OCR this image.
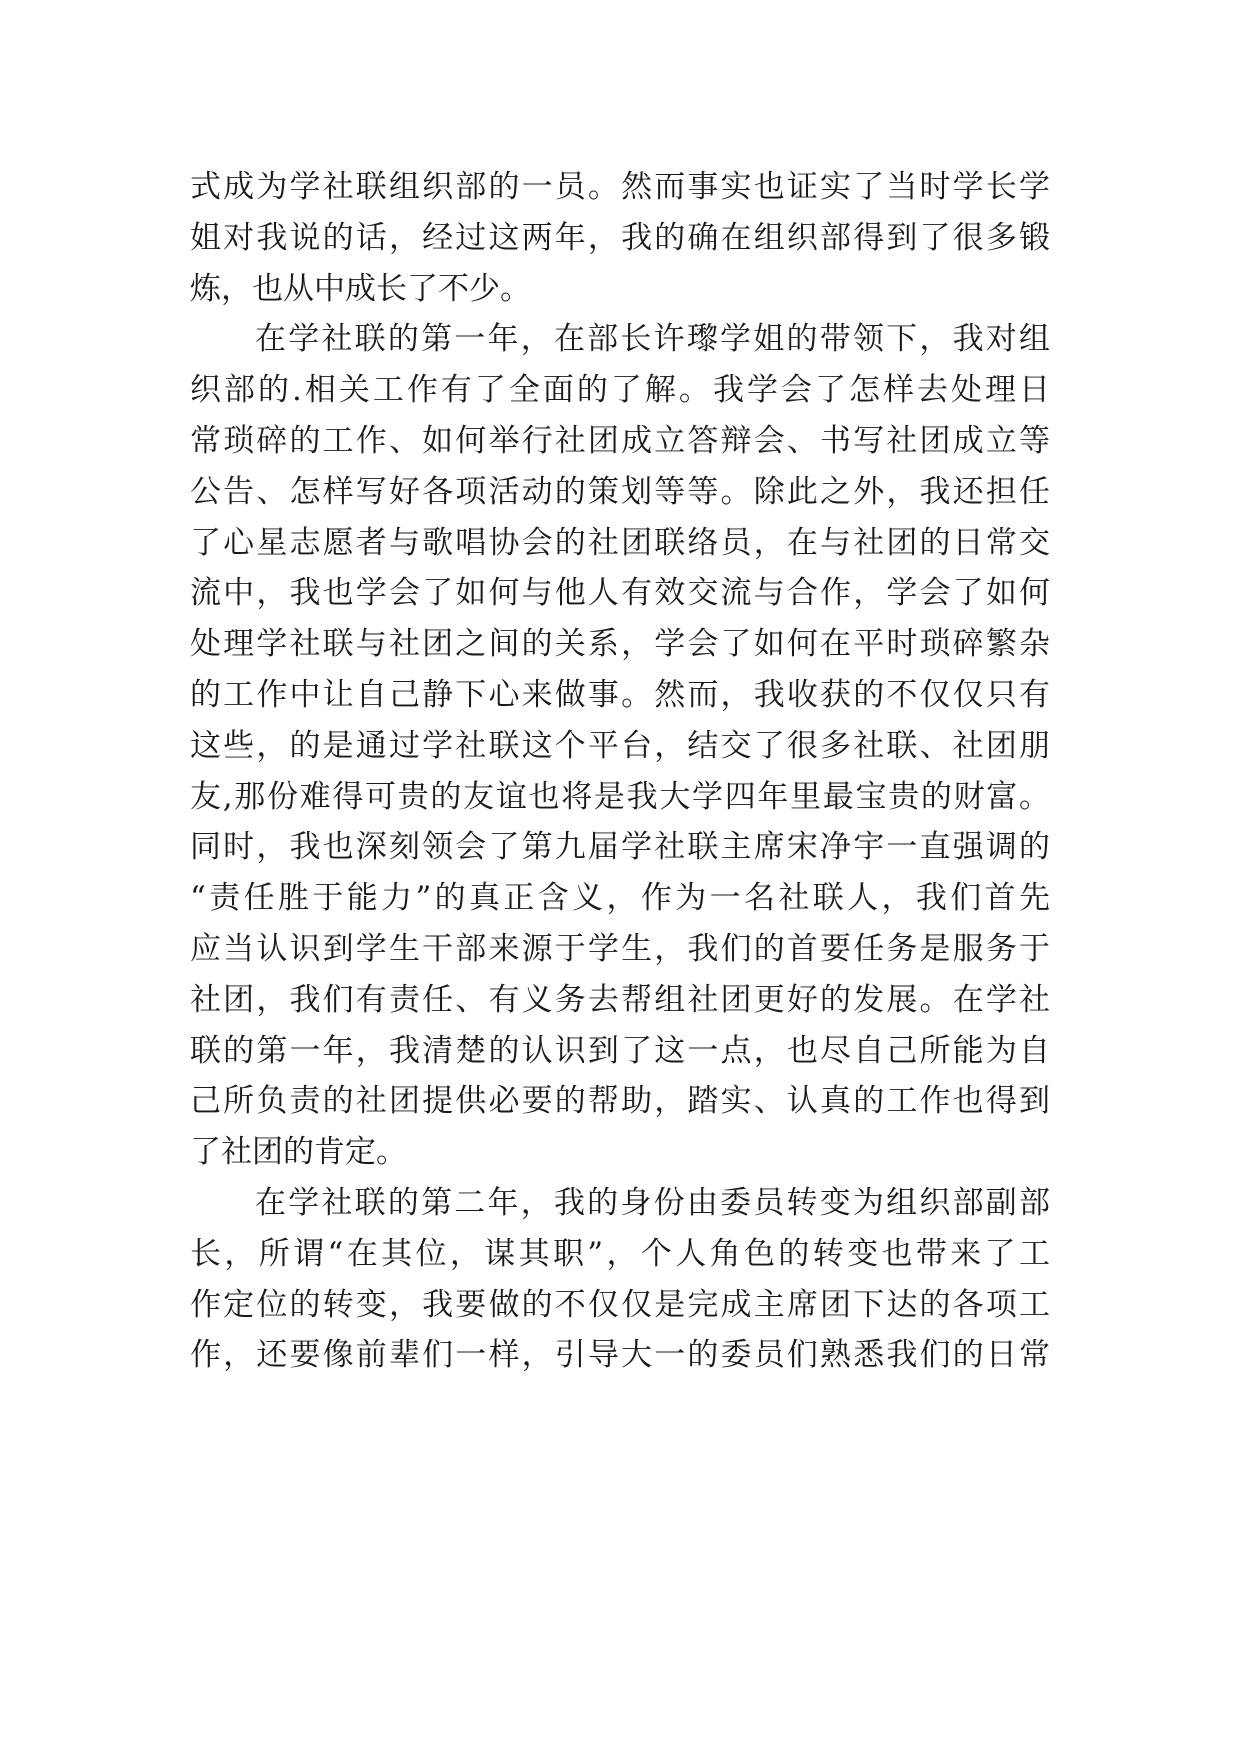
式成为学社联组织部的一员。然而事实也证实了当时学长学
姐对我说的话，经过这两年，我的确在组织部得到了很多锻
炼，也从中成长了不少。
在学社联的第一年，在部长许瓈学姐的带领下，我对组
织部的.相关工作有了全面的了解。我学会了怎样去处理日
常琐碎的工作、如何举行社团成立答辩会、书写社团成立等
公告、怎样写好各项活动的策划等等。除此之外，我还担任
了心星志愿者与歌唱协会的社团联络员，在与社团的日常交
流中，我也学会了如何与他人有效交流与合作，学会了如何
处理学社联与社团之间的关系，学会了如何在平时琐碎繁杂
的工作中让自己静下心来做事。然而，我收获的不仅仅只有
这些，的是通过学社联这个平台，结交了很多社联、社团朋
友,那份难得可贵的友谊也将是我大学四年里最宝贵的财富。
同时，我也深刻领会了第九届学社联主席宋净宇一直强调的
“责任胜于能力”的真正含义，作为一名社联人，我们首先
应当认识到学生干部来源于学生，我们的首要任务是服务于
社团，我们有责任、有义务去帮组社团更好的发展。在学社
联的第一年，我清楚的认识到了这一点，也尽自己所能为自
己所负责的社团提供必要的帮助，踏实、认真的工作也得到
了社团的肯定。
在学社联的第二年，我的身份由委员转变为组织部副部
长，所谓“在其位，谋其职”，个人角色的转变也带来了工
作定位的转变，我要做的不仅仅是完成主席团下达的各项工
作，还要像前辈们一样，引导大一的委员们熟悉我们的日常
